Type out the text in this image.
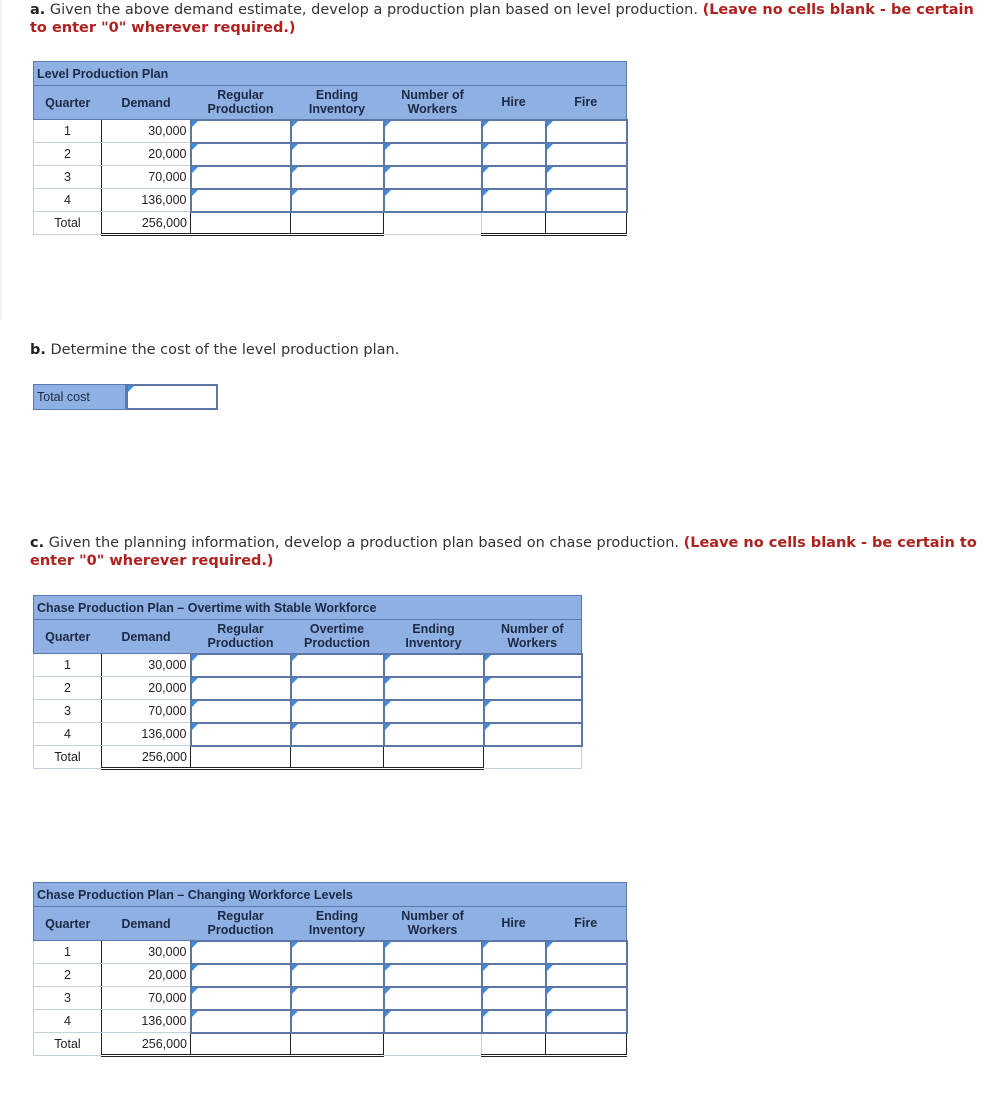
a. Given the above demand estimate, develop a production plan based on level production. (Leave no cells blank - be certain to enter "0" wherever required.)
Level Production Plan						
Quarter	Demand	Regular Production	Ending Inventory	Number of Workers	Hire	Fire
1	30,000	

2	20,000	

3	70,000	

4	136,000	

Total	256,000					
b. Determine the cost of the level production plan.
Total cost
c. Given the planning information, develop a production plan based on chase production. (Leave no cells blank - be certain to enter "0" wherever required.)
Chase Production Plan – Overtime with Stable Workforce					
Quarter	Demand	Regular Production	Overtime Production	Ending Inventory	Number of Workers
1	30,000	

2	20,000	

3	70,000	

4	136,000	

Total	256,000				
Chase Production Plan – Changing Workforce Levels						
Quarter	Demand	Regular Production	Ending Inventory	Number of Workers	Hire	Fire
1	30,000	

2	20,000	

3	70,000	

4	136,000	

Total	256,000					
